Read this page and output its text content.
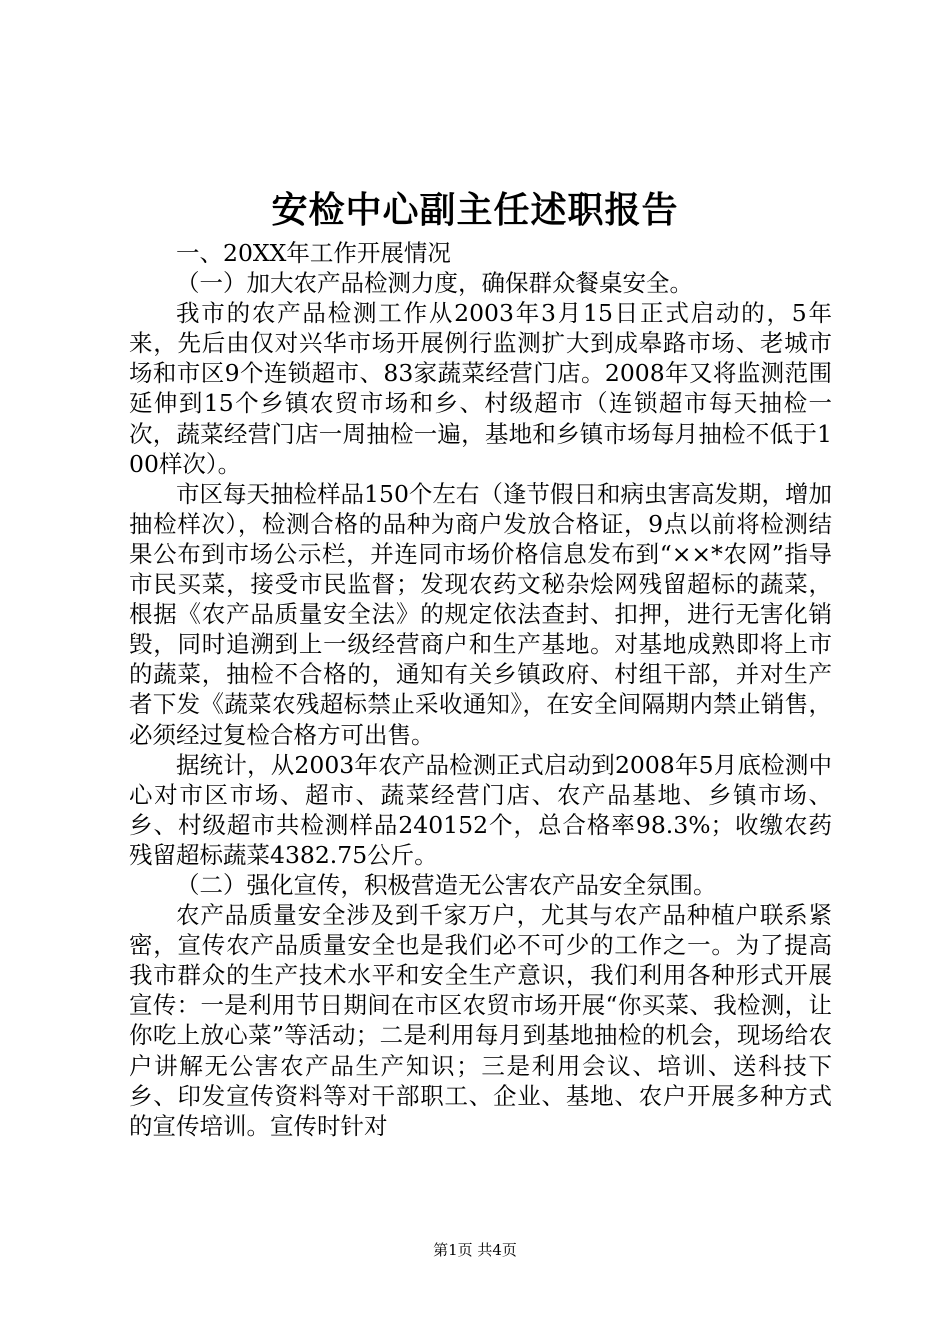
安检中心副主任述职报告

一、20XX年工作开展情况

（一）加大农产品检测力度，确保群众餐桌安全。

我市的农产品检测工作从2003年3月15日正式启动的，5年来，先后由仅对兴华市场开展例行监测扩大到成皋路市场、老城市场和市区9个连锁超市、83家蔬菜经营门店。2008年又将监测范围延伸到15个乡镇农贸市场和乡、村级超市（连锁超市每天抽检一次，蔬菜经营门店一周抽检一遍，基地和乡镇市场每月抽检不低于100样次）。

市区每天抽检样品150个左右（逢节假日和病虫害高发期，增加抽检样次），检测合格的品种为商户发放合格证，9点以前将检测结果公布到市场公示栏，并连同市场价格信息发布到“××*农网”指导市民买菜，接受市民监督；发现农药文秘杂烩网残留超标的蔬菜，根据《农产品质量安全法》的规定依法查封、扣押，进行无害化销毁，同时追溯到上一级经营商户和生产基地。对基地成熟即将上市的蔬菜，抽检不合格的，通知有关乡镇政府、村组干部，并对生产者下发《蔬菜农残超标禁止采收通知》，在安全间隔期内禁止销售，必须经过复检合格方可出售。

据统计，从2003年农产品检测正式启动到2008年5月底检测中心对市区市场、超市、蔬菜经营门店、农产品基地、乡镇市场、乡、村级超市共检测样品240152个，总合格率98.3%；收缴农药残留超标蔬菜4382.75公斤。

（二）强化宣传，积极营造无公害农产品安全氛围。

农产品质量安全涉及到千家万户，尤其与农产品种植户联系紧密，宣传农产品质量安全也是我们必不可少的工作之一。为了提高我市群众的生产技术水平和安全生产意识，我们利用各种形式开展宣传：一是利用节日期间在市区农贸市场开展“你买菜、我检测，让你吃上放心菜”等活动；二是利用每月到基地抽检的机会，现场给农户讲解无公害农产品生产知识；三是利用会议、培训、送科技下乡、印发宣传资料等对干部职工、企业、基地、农户开展多种方式的宣传培训。宣传时针对

第1页 共4页
